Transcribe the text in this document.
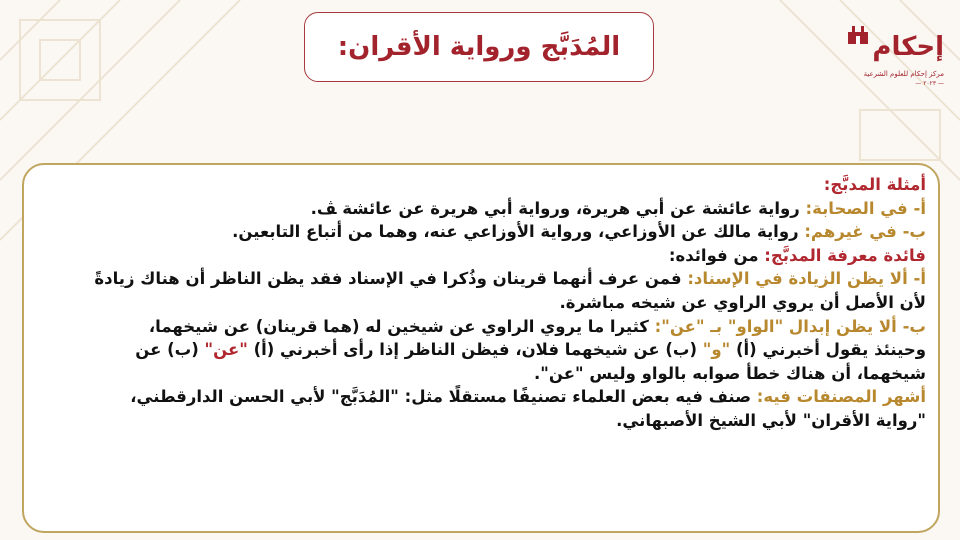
المُدَبَّج ورواية الأقران:	إحكام
مركز إحكام للعلوم الشرعية
— ٢٠٢٣ —
أمثلة المدبَّج:
أ- في الصحابة: رواية عائشة عن أبي هريرة، ورواية أبي هريرة عن عائشة ﭫ.
ب- في غيرهم: رواية مالك عن الأوزاعي، ورواية الأوزاعي عنه، وهما من أتباع التابعين.
فائدة معرفة المدبَّج: من فوائده:
أ- ألا يظن الزيادة في الإسناد: فمن عرف أنهما قرينان وذُكرا في الإسناد فقد يظن الناظر أن هناك زيادةً
لأن الأصل أن يروي الراوي عن شيخه مباشرة.
ب- ألا يظن إبدال "الواو" بـ "عن": كثيرا ما يروي الراوي عن شيخين له (هما قرينان) عن شيخهما،
وحينئذ يقول أخبرني (أ) "و" (ب) عن شيخهما فلان، فيظن الناظر إذا رأى أخبرني (أ) "عن" (ب) عن
شيخهما، أن هناك خطأ صوابه بالواو وليس "عن".
أشهر المصنفات فيه: صنف فيه بعض العلماء تصنيفًا مستقلًا مثل: "المُدَبَّج" لأبي الحسن الدارقطني،
"رواية الأقران" لأبي الشيخ الأصبهاني.
